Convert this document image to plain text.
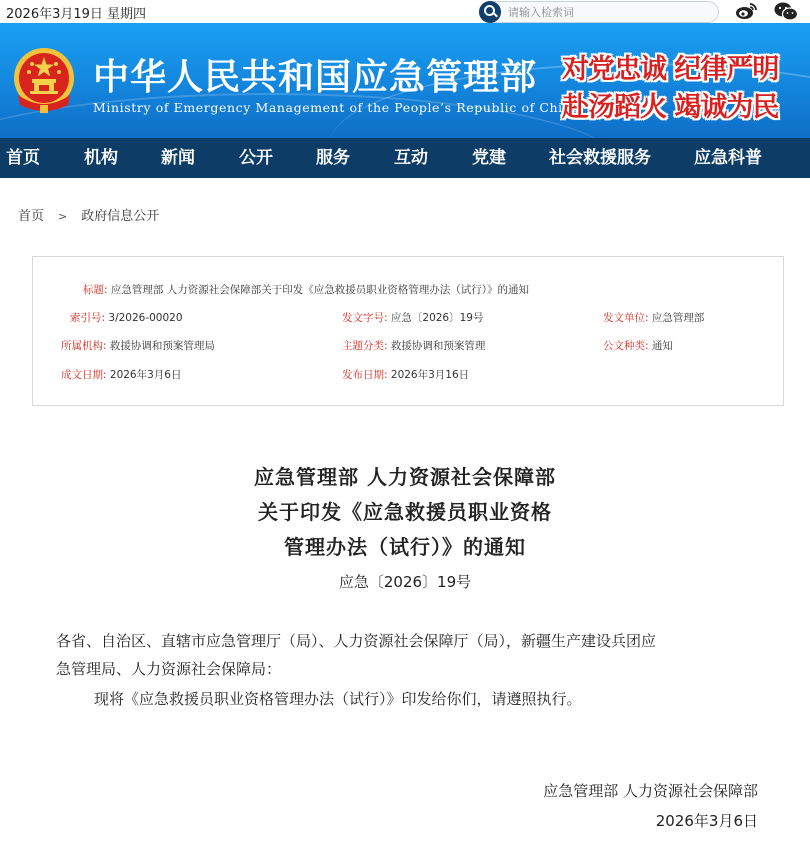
2026年3月19日 星期四
请输入检索词
中华人民共和国应急管理部
Ministry of Emergency Management of the People’s Republic of China
对党忠诚 纪律严明
赴汤蹈火 竭诚为民
首页	机构	新闻	公开	服务	互动	党建	社会救援服务	应急科普
首页 > 政府信息公开
标题: 应急管理部 人力资源社会保障部关于印发《应急救援员职业资格管理办法（试行）》的通知
索引号: 3/2026-00020	发文字号: 应急〔2026〕19号	发文单位: 应急管理部
所属机构: 救援协调和预案管理局	主题分类: 救援协调和预案管理	公文种类: 通知
成文日期: 2026年3月6日	发布日期: 2026年3月16日
应急管理部 人力资源社会保障部
关于印发《应急救援员职业资格
管理办法（试行）》的通知
应急〔2026〕19号
各省、自治区、直辖市应急管理厅（局）、人力资源社会保障厅（局），新疆生产建设兵团应
急管理局、人力资源社会保障局：
现将《应急救援员职业资格管理办法（试行）》印发给你们，请遵照执行。
应急管理部 人力资源社会保障部
2026年3月6日
